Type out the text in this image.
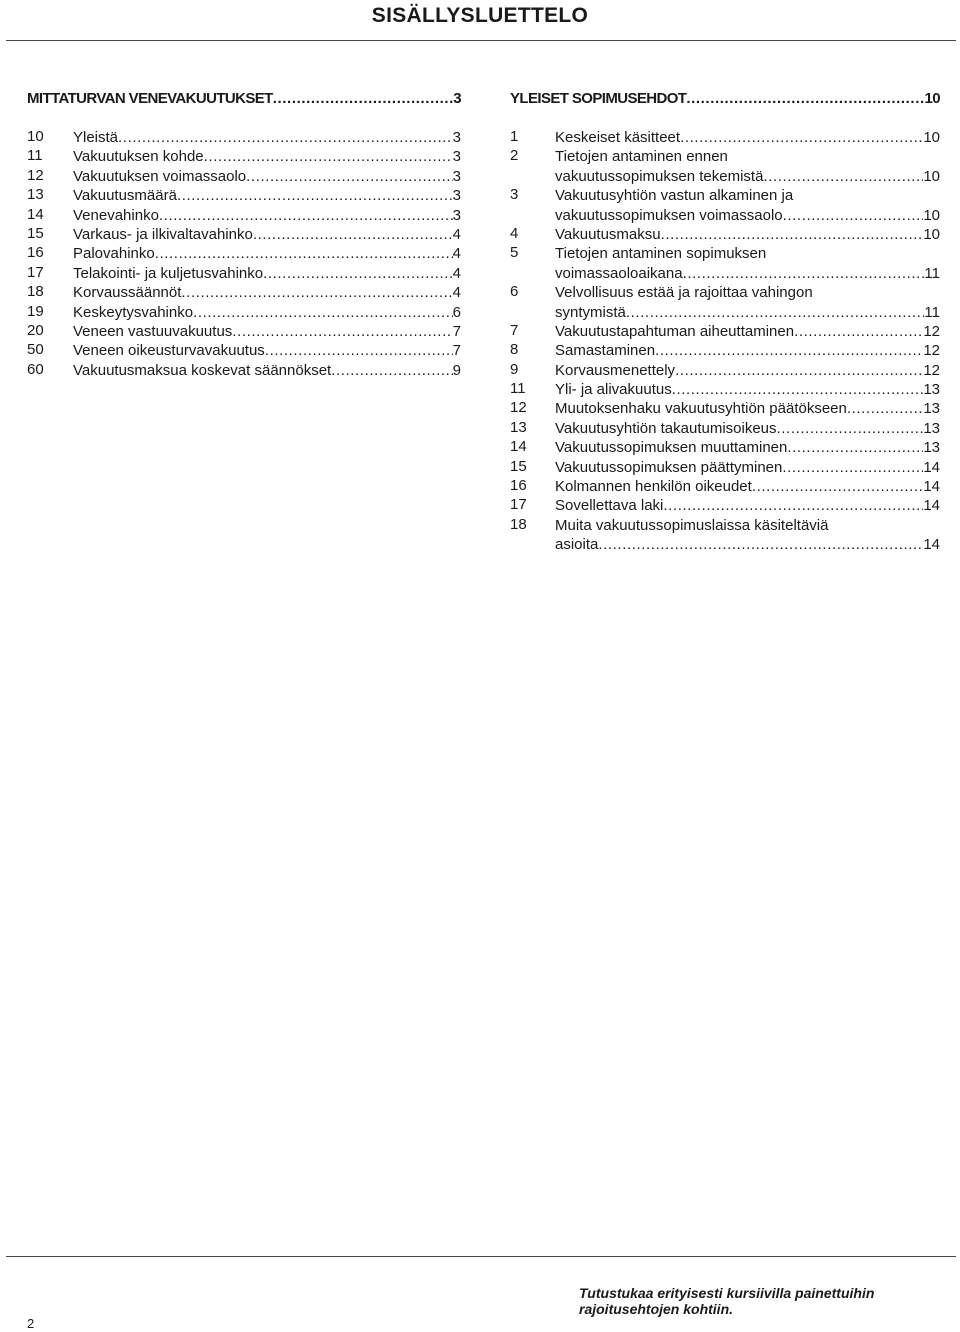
SISÄLLYSLUETTELO
MITTATURVAN VENEVAKUUTUKSET .....	3
10	Yleistä .....	3
11	Vakuutuksen kohde .....	3
12	Vakuutuksen voimassaolo .....	3
13	Vakuutusmäärä .....	3
14	Venevahinko .....	3
15	Varkaus- ja ilkivaltavahinko .....	4
16	Palovahinko .....	4
17	Telakointi- ja kuljetusvahinko .....	4
18	Korvaussäännöt .....	4
19	Keskeytysvahinko .....	6
20	Veneen vastuuvakuutus .....	7
50	Veneen oikeusturvavakuutus .....	7
60	Vakuutusmaksua koskevat säännökset .....	9
YLEISET SOPIMUSEHDOT .....	10
1	Keskeiset käsitteet .....	10
2	Tietojen antaminen ennen
vakuutussopimuksen tekemistä .....	10
3	Vakuutusyhtiön vastun alkaminen ja
vakuutussopimuksen voimassaolo .....	10
4	Vakuutusmaksu .....	10
5	Tietojen antaminen sopimuksen
voimassaoloaikana .....	11
6	Velvollisuus estää ja rajoittaa vahingon
syntymistä .....	11
7	Vakuutustapahtuman aiheuttaminen .....	12
8	Samastaminen .....	12
9	Korvausmenettely .....	12
11	Yli- ja alivakuutus .....	13
12	Muutoksenhaku vakuutusyhtiön päätökseen .....	13
13	Vakuutusyhtiön takautumisoikeus .....	13
14	Vakuutussopimuksen muuttaminen .....	13
15	Vakuutussopimuksen päättyminen .....	14
16	Kolmannen henkilön oikeudet .....	14
17	Sovellettava laki .....	14
18	Muita vakuutussopimuslaissa käsiteltäviä
asioita .....	14
2
Tutustukaa erityisesti kursiivilla painettuihin rajoitusehtojen kohtiin.
